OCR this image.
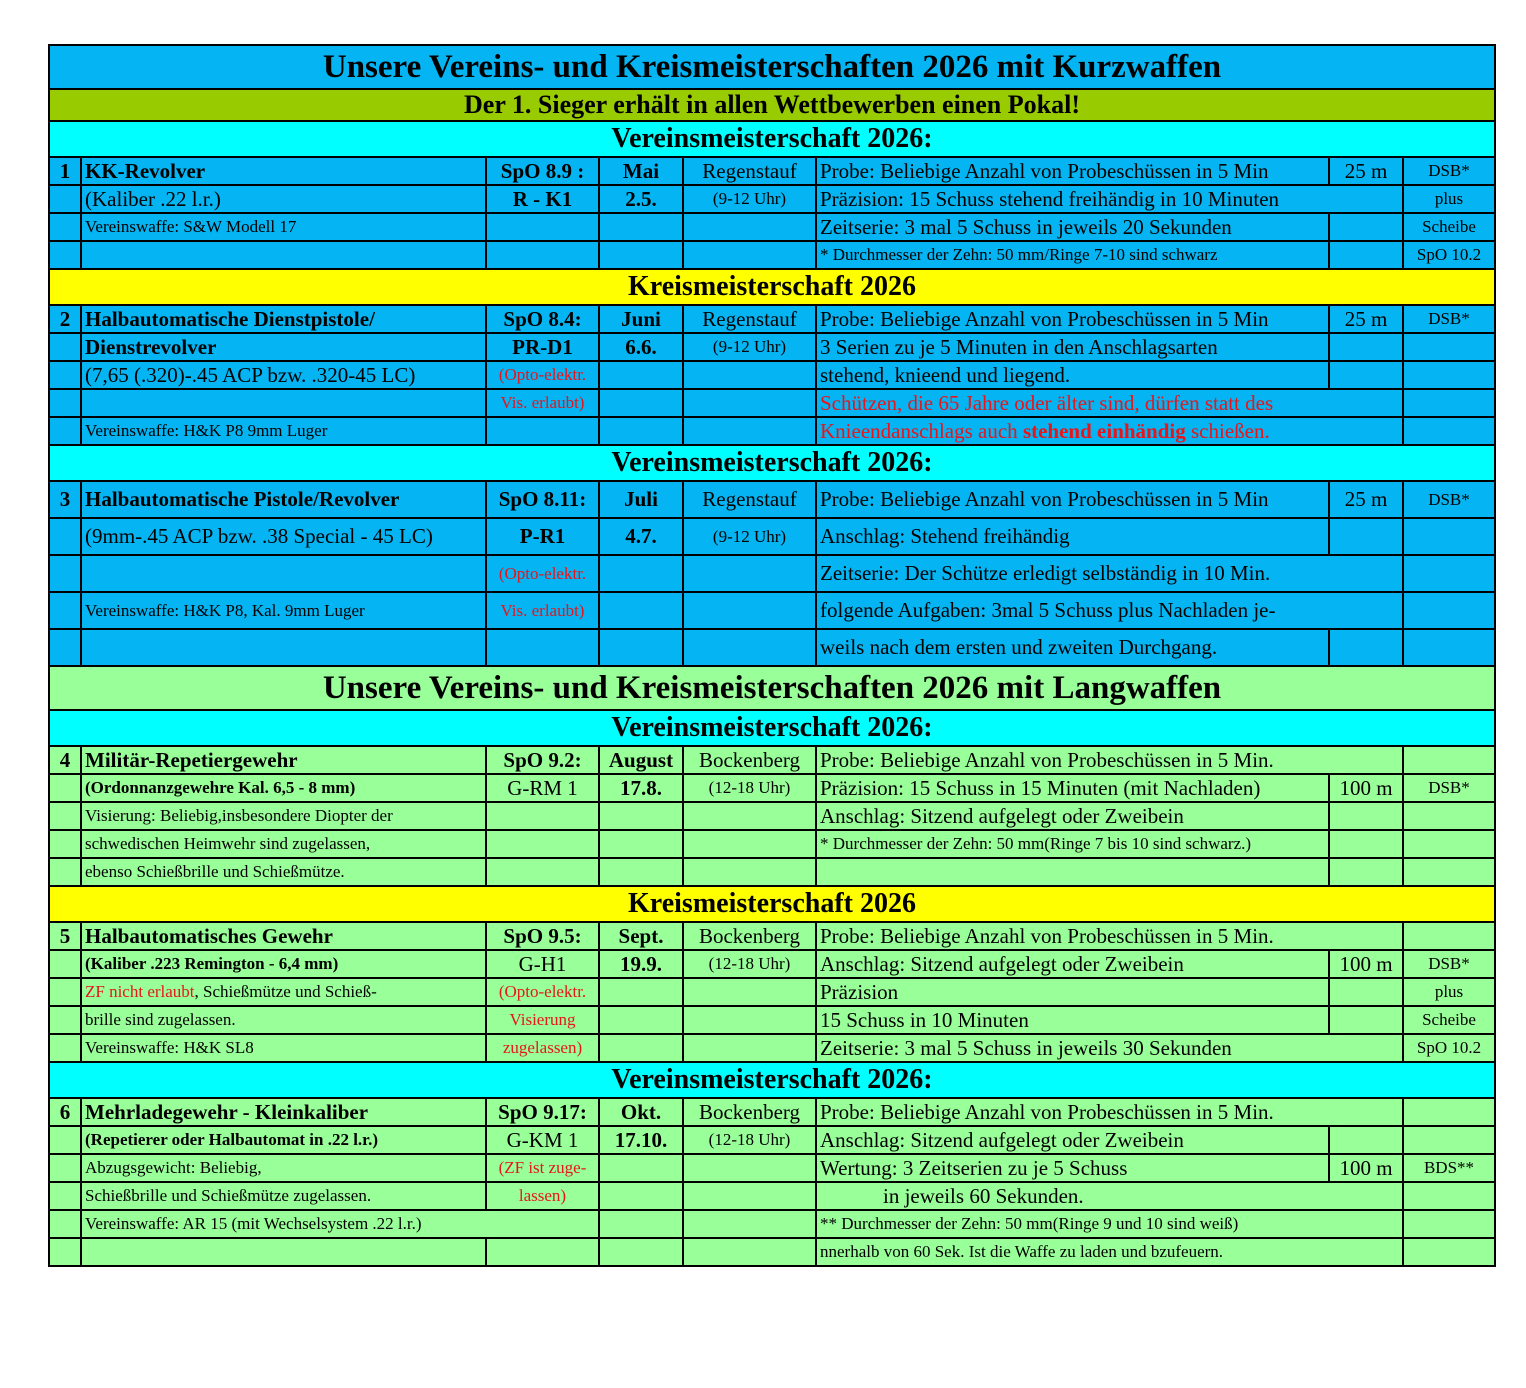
Unsere Vereins- und Kreismeisterschaften 2026 mit Kurzwaffen							
Der 1. Sieger erhält in allen Wettbewerben einen Pokal!							
Vereinsmeisterschaft 2026:							
1	KK-Revolver	SpO 8.9 :	Mai	Regenstauf	Probe: Beliebige Anzahl von Probeschüssen in 5 Min	25 m	DSB*
	(Kaliber .22 l.r.)	R - K1	2.5.	(9-12 Uhr)	Präzision: 15 Schuss stehend freihändig in 10 Minuten		plus
	Vereinswaffe: S&W Modell 17				Zeitserie: 3 mal 5 Schuss in jeweils 20 Sekunden		Scheibe
					* Durchmesser der Zehn: 50 mm/Ringe 7-10 sind schwarz		SpO 10.2
Kreismeisterschaft 2026							
2	Halbautomatische Dienstpistole/	SpO 8.4:	Juni	Regenstauf	Probe: Beliebige Anzahl von Probeschüssen in 5 Min	25 m	DSB*
	Dienstrevolver	PR-D1	6.6.	(9-12 Uhr)	3 Serien zu je 5 Minuten in den Anschlagsarten		
	(7,65 (.320)-.45 ACP bzw. .320-45 LC)	(Opto-elektr.			stehend, knieend und liegend.		
		Vis. erlaubt)			Schützen, die 65 Jahre oder älter sind, dürfen statt des		
	Vereinswaffe: H&K P8 9mm Luger				Knieendanschlags auch stehend einhändig schießen.		
Vereinsmeisterschaft 2026:							
3	Halbautomatische Pistole/Revolver	SpO 8.11:	Juli	Regenstauf	Probe: Beliebige Anzahl von Probeschüssen in 5 Min	25 m	DSB*
	(9mm-.45 ACP bzw. .38 Special - 45 LC)	P-R1	4.7.	(9-12 Uhr)	Anschlag: Stehend freihändig		
		(Opto-elektr.			Zeitserie: Der Schütze erledigt selbständig in 10 Min.		
	Vereinswaffe: H&K P8, Kal. 9mm Luger	Vis. erlaubt)			folgende Aufgaben: 3mal 5 Schuss plus Nachladen je-		
					weils nach dem ersten und zweiten Durchgang.		
Unsere Vereins- und Kreismeisterschaften 2026 mit Langwaffen							
Vereinsmeisterschaft 2026:							
4	Militär-Repetiergewehr	SpO 9.2:	August	Bockenberg	Probe: Beliebige Anzahl von Probeschüssen in 5 Min.		
	(Ordonnanzgewehre Kal. 6,5 - 8 mm)	G-RM 1	17.8.	(12-18 Uhr)	Präzision: 15 Schuss in 15 Minuten (mit Nachladen)	100 m	DSB*
	Visierung: Beliebig,insbesondere Diopter der				Anschlag: Sitzend aufgelegt oder Zweibein		
	schwedischen Heimwehr sind zugelassen,				* Durchmesser der Zehn: 50 mm(Ringe 7 bis 10 sind schwarz.)		
	ebenso Schießbrille und Schießmütze.						
Kreismeisterschaft 2026							
5	Halbautomatisches Gewehr	SpO 9.5:	Sept.	Bockenberg	Probe: Beliebige Anzahl von Probeschüssen in 5 Min.		
	(Kaliber .223 Remington - 6,4 mm)	G-H1	19.9.	(12-18 Uhr)	Anschlag: Sitzend aufgelegt oder Zweibein	100 m	DSB*
	ZF nicht erlaubt, Schießmütze und Schieß-	(Opto-elektr.			Präzision		plus
	brille sind zugelassen.	Visierung			15 Schuss in 10 Minuten		Scheibe
	Vereinswaffe: H&K SL8	zugelassen)			Zeitserie: 3 mal 5 Schuss in jeweils 30 Sekunden		SpO 10.2
Vereinsmeisterschaft 2026:							
6	Mehrladegewehr - Kleinkaliber	SpO 9.17:	Okt.	Bockenberg	Probe: Beliebige Anzahl von Probeschüssen in 5 Min.		
	(Repetierer oder Halbautomat in .22 l.r.)	G-KM 1	17.10.	(12-18 Uhr)	Anschlag: Sitzend aufgelegt oder Zweibein		
	Abzugsgewicht: Beliebig,	(ZF ist zuge-			Wertung: 3 Zeitserien zu je 5 Schuss	100 m	BDS**
	Schießbrille und Schießmütze zugelassen.	lassen)			in jeweils 60 Sekunden.		
	Vereinswaffe: AR 15 (mit Wechselsystem .22 l.r.)				** Durchmesser der Zehn: 50 mm(Ringe 9 und 10 sind weiß)		
					nnerhalb von 60 Sek. Ist die Waffe zu laden und bzufeuern.		
